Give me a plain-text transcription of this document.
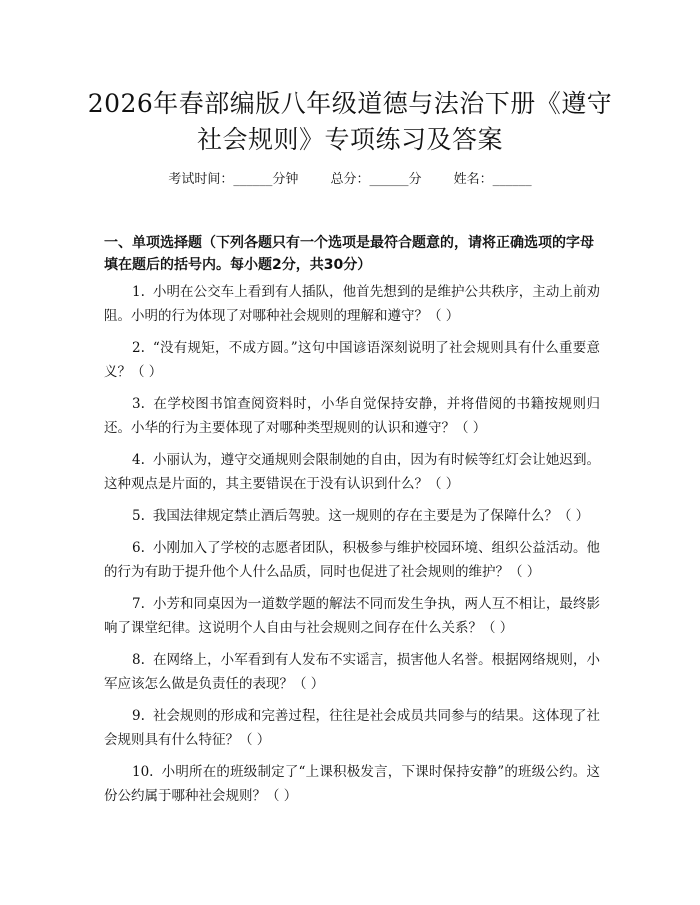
2026年春部编版八年级道德与法治下册《遵守社会规则》专项练习及答案
考试时间：______分钟 总分：______分 姓名：______
一、单项选择题（下列各题只有一个选项是最符合题意的，请将正确选项的字母填在题后的括号内。每小题2分，共30分）

1. 小明在公交车上看到有人插队，他首先想到的是维护公共秩序，主动上前劝阻。小明的行为体现了对哪种社会规则的理解和遵守？（ ）

2. “没有规矩，不成方圆。”这句中国谚语深刻说明了社会规则具有什么重要意义？（ ）

3. 在学校图书馆查阅资料时，小华自觉保持安静，并将借阅的书籍按规则归还。小华的行为主要体现了对哪种类型规则的认识和遵守？（ ）

4. 小丽认为，遵守交通规则会限制她的自由，因为有时候等红灯会让她迟到。这种观点是片面的，其主要错误在于没有认识到什么？（ ）

5. 我国法律规定禁止酒后驾驶。这一规则的存在主要是为了保障什么？（ ）

6. 小刚加入了学校的志愿者团队，积极参与维护校园环境、组织公益活动。他的行为有助于提升他个人什么品质，同时也促进了社会规则的维护？（ ）

7. 小芳和同桌因为一道数学题的解法不同而发生争执，两人互不相让，最终影响了课堂纪律。这说明个人自由与社会规则之间存在什么关系？（ ）

8. 在网络上，小军看到有人发布不实谣言，损害他人名誉。根据网络规则，小军应该怎么做是负责任的表现？（ ）

9. 社会规则的形成和完善过程，往往是社会成员共同参与的结果。这体现了社会规则具有什么特征？（ ）

10. 小明所在的班级制定了“上课积极发言，下课时保持安静”的班级公约。这份公约属于哪种社会规则？（ ）
